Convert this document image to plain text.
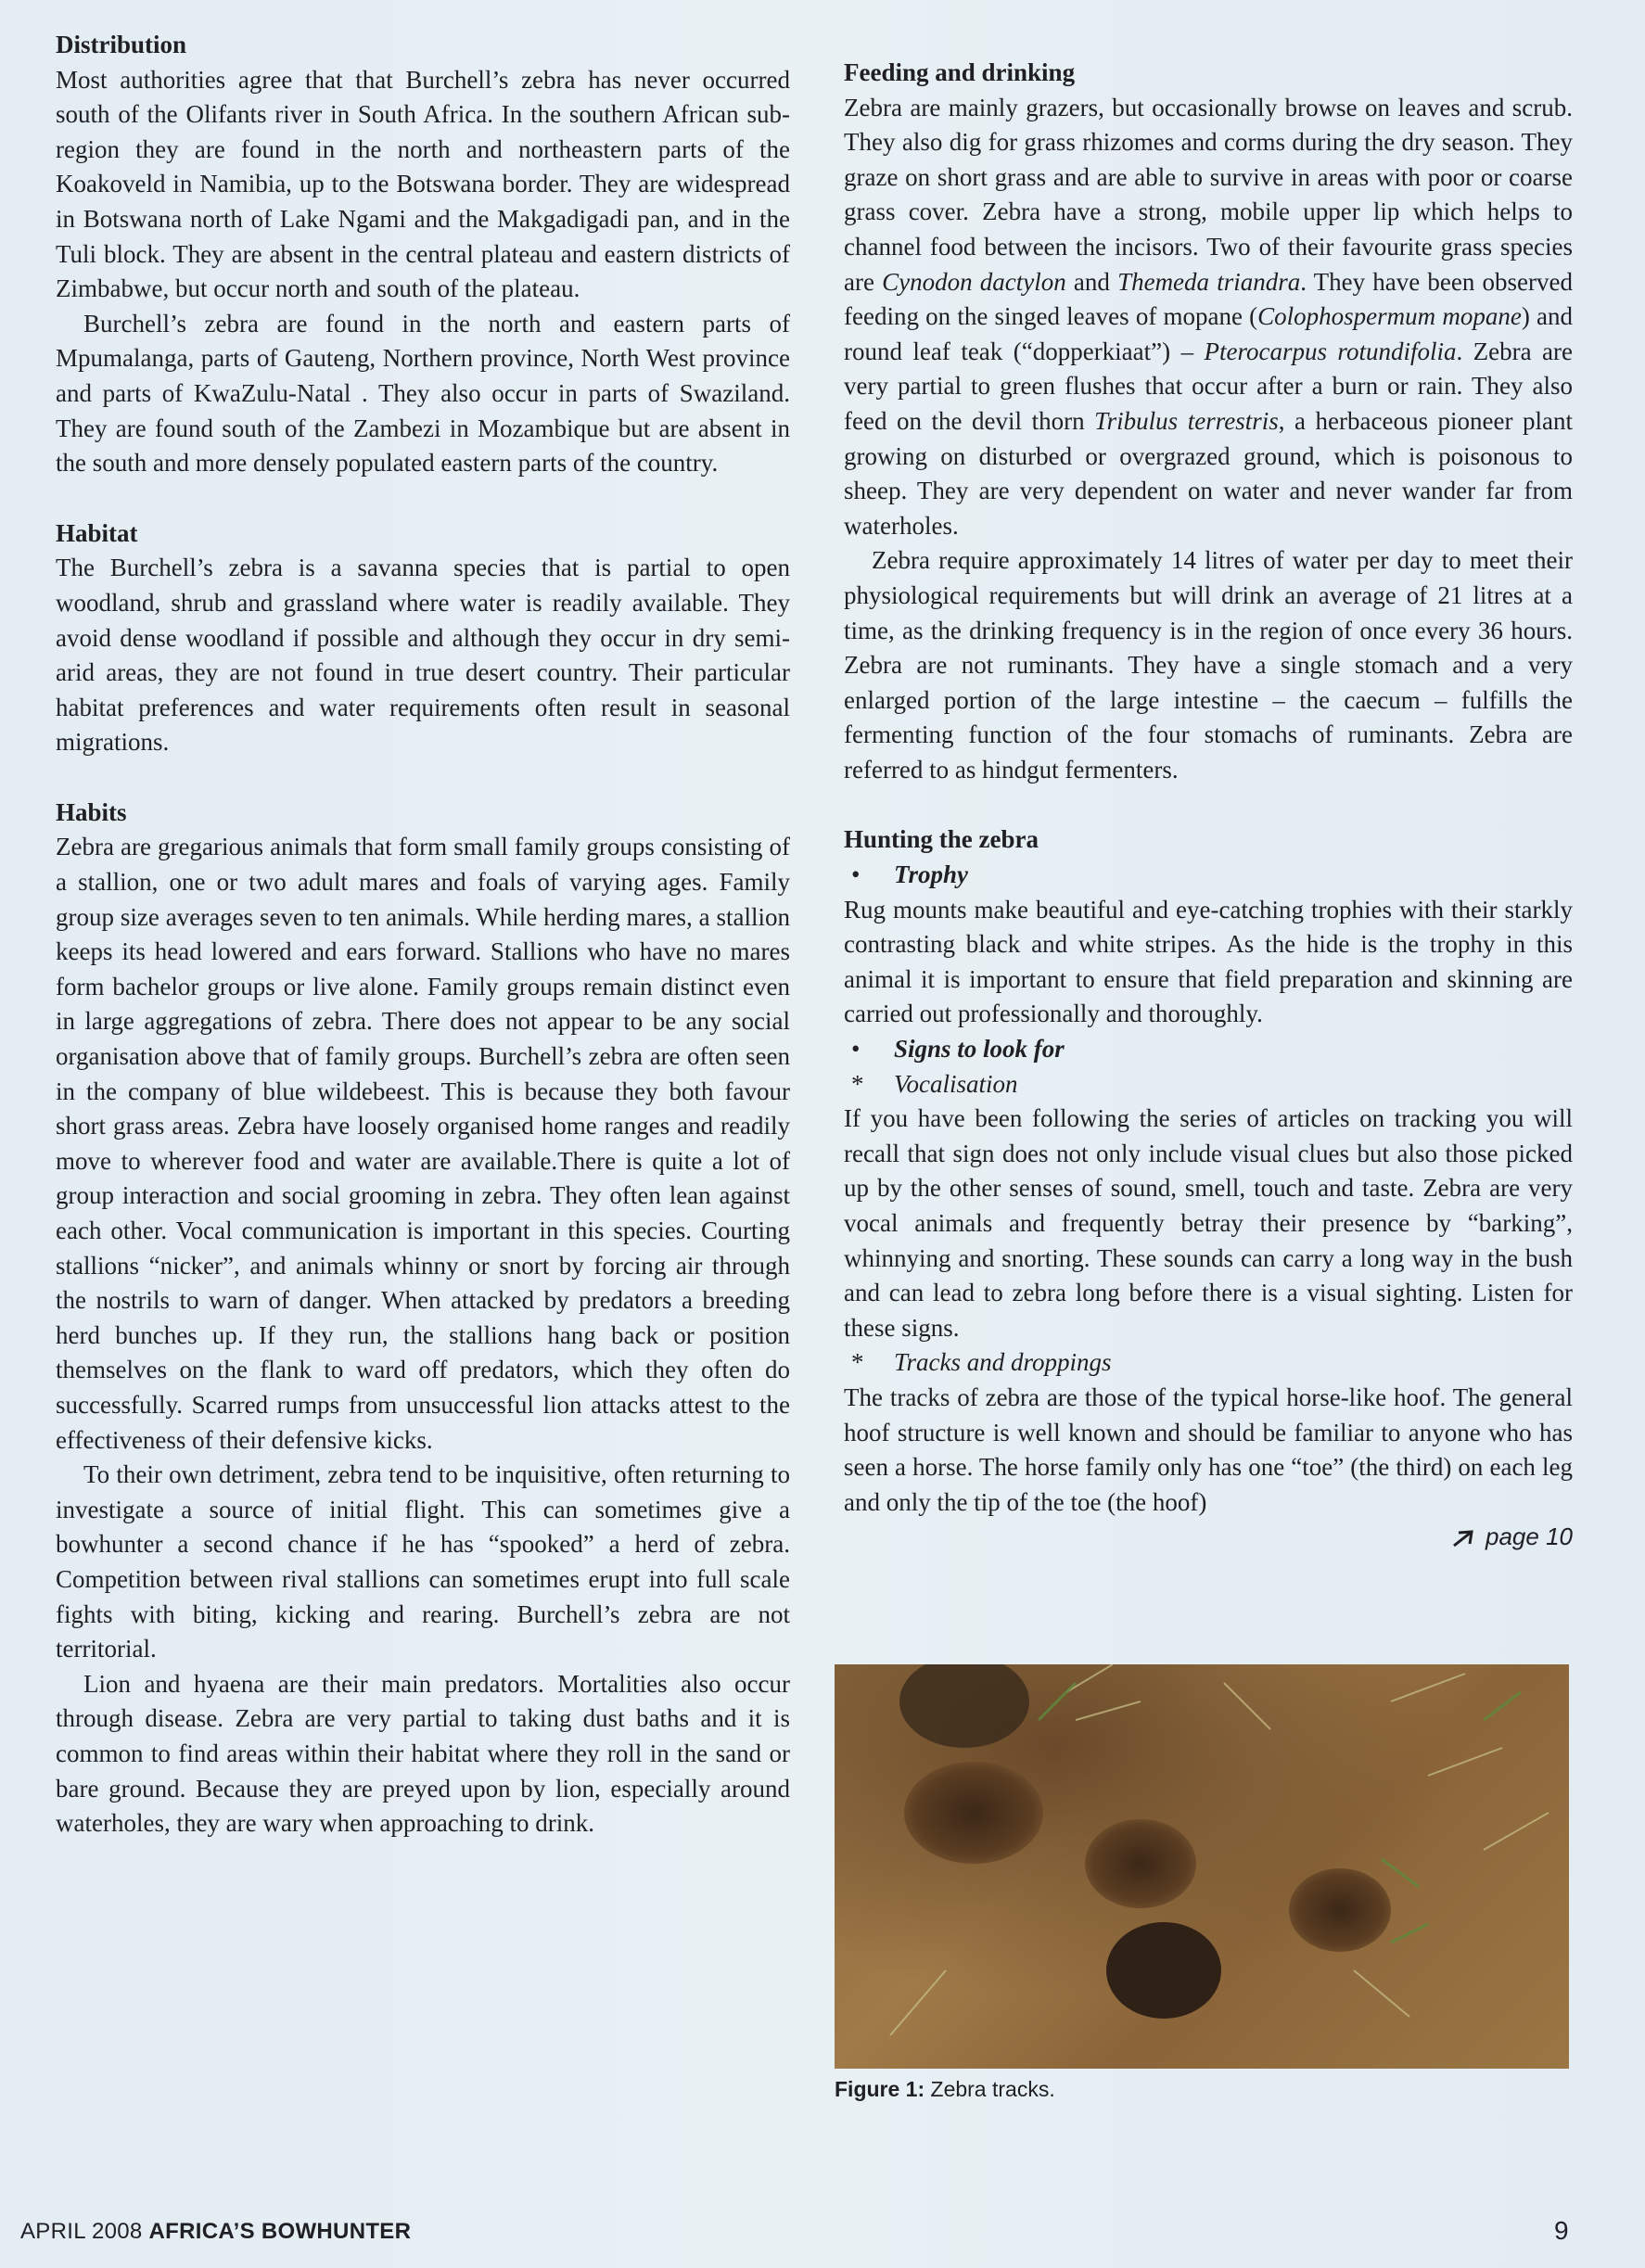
Distribution

Most authorities agree that that Burchell’s zebra has never occurred south of the Olifants river in South Africa. In the southern African sub-region they are found in the north and northeastern parts of the Koakoveld in Namibia, up to the Botswana border. They are widespread in Botswana north of Lake Ngami and the Makgadigadi pan, and in the Tuli block. They are absent in the central plateau and eastern districts of Zimbabwe, but occur north and south of the plateau.

Burchell’s zebra are found in the north and eastern parts of Mpumalanga, parts of Gauteng, Northern province, North West province and parts of KwaZulu-Natal . They also occur in parts of Swaziland. They are found south of the Zambezi in Mozambique but are absent in the south and more densely populated eastern parts of the country.

Habitat

The Burchell’s zebra is a savanna species that is partial to open woodland, shrub and grassland where water is readily available. They avoid dense woodland if possible and although they occur in dry semi-arid areas, they are not found in true desert country. Their particular habitat preferences and water requirements often result in seasonal migrations.

Habits

Zebra are gregarious animals that form small family groups consisting of a stallion, one or two adult mares and foals of varying ages. Family group size averages seven to ten animals. While herding mares, a stallion keeps its head lowered and ears forward. Stallions who have no mares form bachelor groups or live alone. Family groups remain distinct even in large aggregations of zebra. There does not appear to be any social organisation above that of family groups. Burchell’s zebra are often seen in the company of blue wildebeest. This is because they both favour short grass areas. Zebra have loosely organised home ranges and readily move to wherever food and water are available.There is quite a lot of group interaction and social grooming in zebra. They often lean against each other. Vocal communication is important in this species. Courting stallions “nicker”, and animals whinny or snort by forcing air through the nostrils to warn of danger. When attacked by predators a breeding herd bunches up. If they run, the stallions hang back or position themselves on the flank to ward off predators, which they often do successfully. Scarred rumps from unsuccessful lion attacks attest to the effectiveness of their defensive kicks.

To their own detriment, zebra tend to be inquisitive, often returning to investigate a source of initial flight. This can sometimes give a bowhunter a second chance if he has “spooked” a herd of zebra. Competition between rival stallions can sometimes erupt into full scale fights with biting, kicking and rearing. Burchell’s zebra are not territorial.

Lion and hyaena are their main predators. Mortalities also occur through disease. Zebra are very partial to taking dust baths and it is common to find areas within their habitat where they roll in the sand or bare ground. Because they are preyed upon by lion, especially around waterholes, they are wary when approaching to drink.

Feeding and drinking

Zebra are mainly grazers, but occasionally browse on leaves and scrub. They also dig for grass rhizomes and corms during the dry season. They graze on short grass and are able to survive in areas with poor or coarse grass cover. Zebra have a strong, mobile upper lip which helps to channel food between the incisors. Two of their favourite grass species are Cynodon dactylon and Themeda triandra. They have been observed feeding on the singed leaves of mopane (Colophospermum mopane) and round leaf teak (“dopperkiaat”) – Pterocarpus rotundifolia. Zebra are very partial to green flushes that occur after a burn or rain. They also feed on the devil thorn Tribulus terrestris, a herbaceous pioneer plant growing on disturbed or overgrazed ground, which is poisonous to sheep. They are very dependent on water and never wander far from waterholes.

Zebra require approximately 14 litres of water per day to meet their physiological requirements but will drink an average of 21 litres at a time, as the drinking frequency is in the region of once every 36 hours. Zebra are not ruminants. They have a single stomach and a very enlarged portion of the large intestine – the caecum – fulfills the fermenting function of the four stomachs of ruminants. Zebra are referred to as hindgut fermenters.

Hunting the zebra
• Trophy

Rug mounts make beautiful and eye-catching trophies with their starkly contrasting black and white stripes. As the hide is the trophy in this animal it is important to ensure that field preparation and skinning are carried out professionally and thoroughly.

• Signs to look for
* Vocalisation

If you have been following the series of articles on tracking you will recall that sign does not only include visual clues but also those picked up by the other senses of sound, smell, touch and taste. Zebra are very vocal animals and frequently betray their presence by “barking”, whinnying and snorting. These sounds can carry a long way in the bush and can lead to zebra long before there is a visual sighting. Listen for these signs.

* Tracks and droppings

The tracks of zebra are those of the typical horse-like hoof. The general hoof structure is well known and should be familiar to anyone who has seen a horse. The horse family only has one “toe” (the third) on each leg and only the tip of the toe (the hoof)

page 10
Figure 1: Zebra tracks.
APRIL 2008 AFRICA’S BOWHUNTER	9
